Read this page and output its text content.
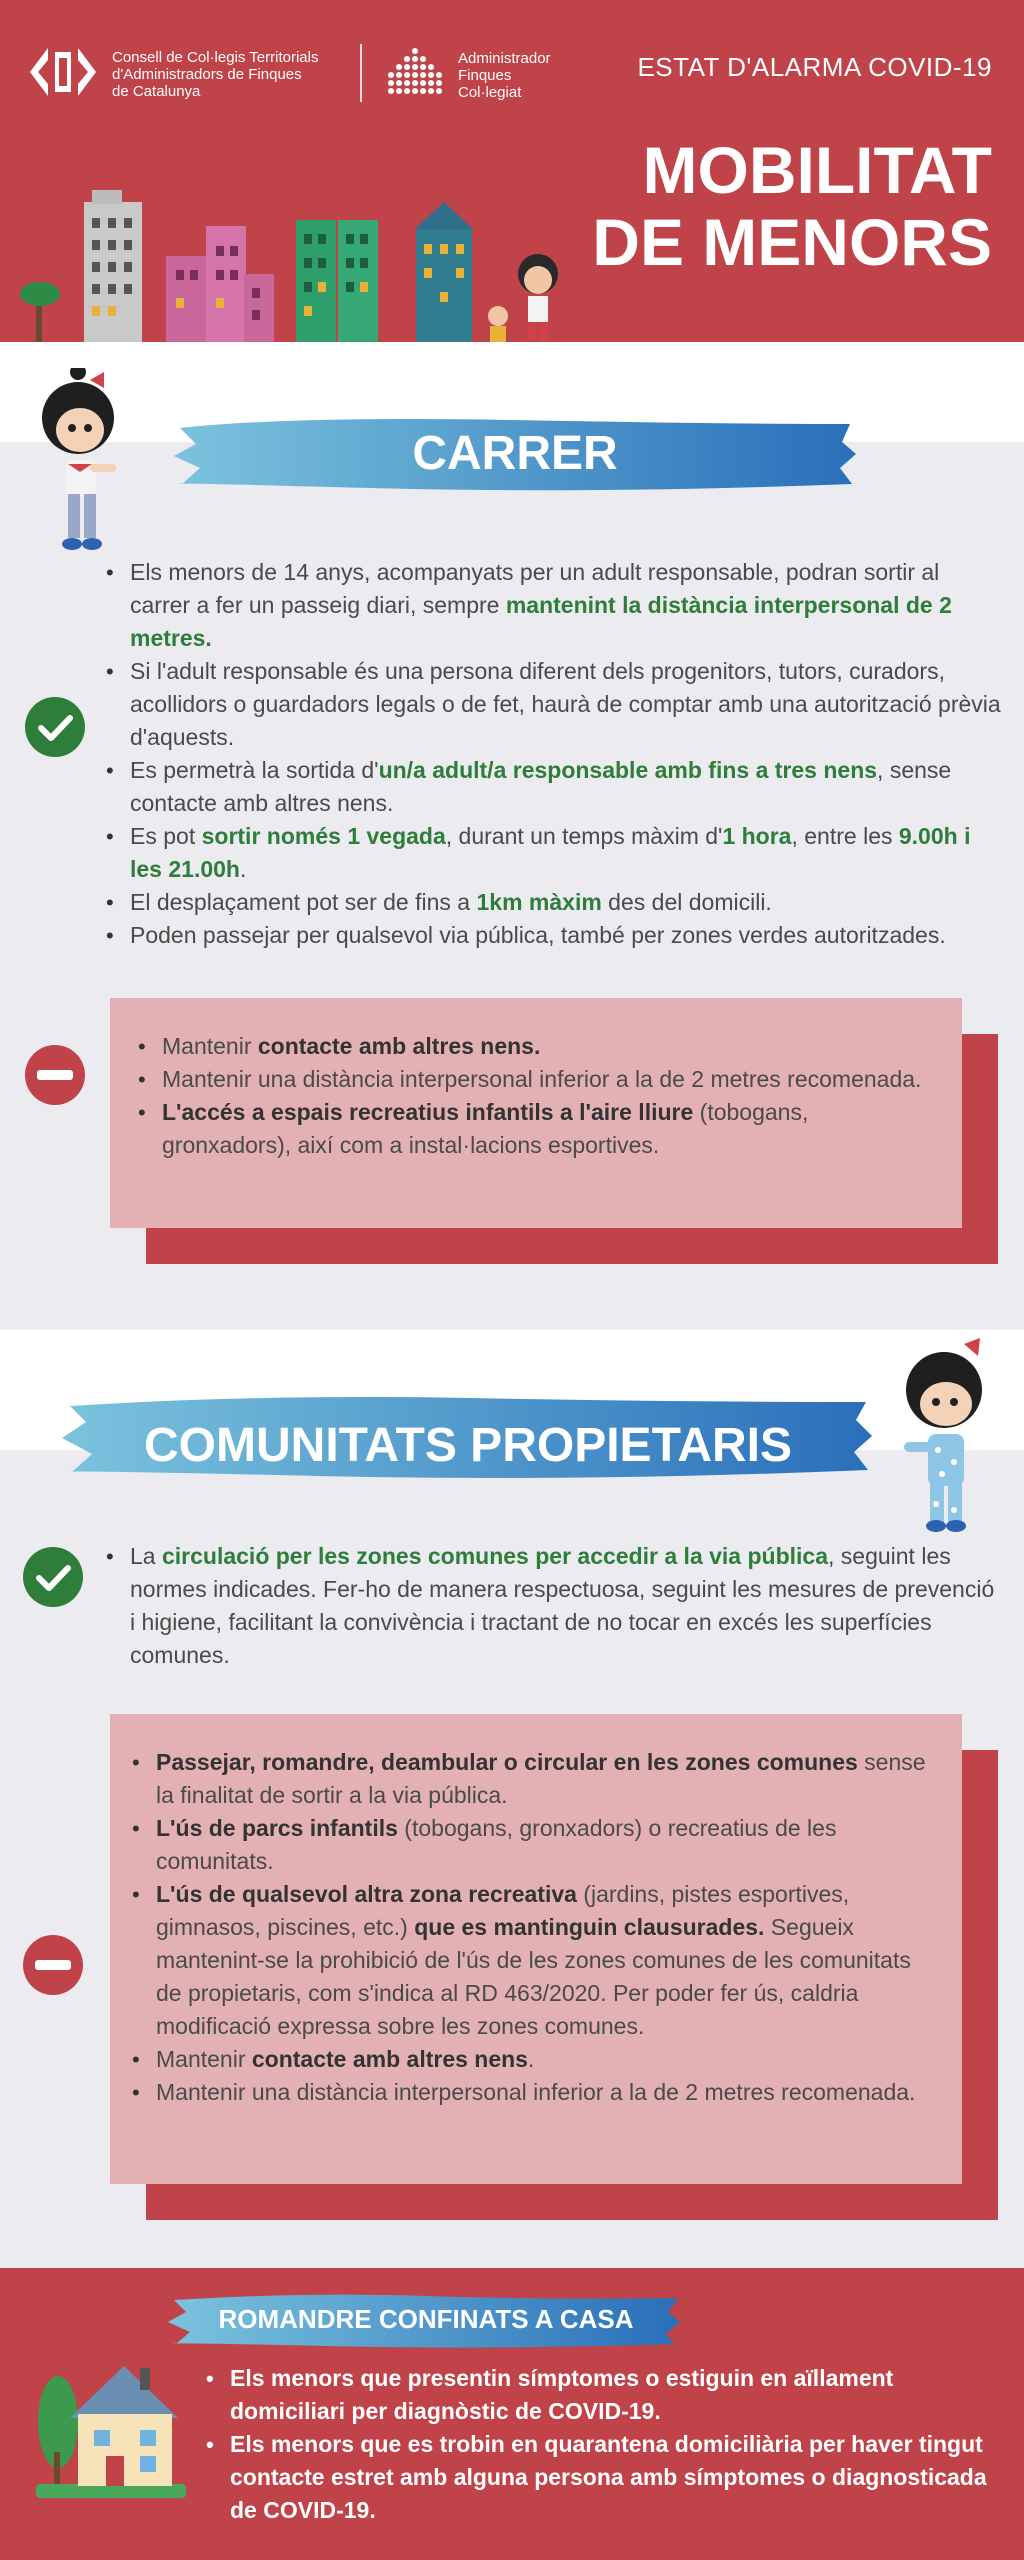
Consell de Col·legis Territorials
d'Administradors de Finques
de Catalunya
Administrador
Finques
Col·legiat
ESTAT D'ALARMA COVID-19
MOBILITAT
DE MENORS
CARRER
• Els menors de 14 anys, acompanyats per un adult responsable, podran sortir al carrer a fer un passeig diari, sempre mantenint la distància interpersonal de 2 metres.
• Si l'adult responsable és una persona diferent dels progenitors, tutors, curadors, acollidors o guardadors legals o de fet, haurà de comptar amb una autorització prèvia d'aquests.
• Es permetrà la sortida d'un/a adult/a responsable amb fins a tres nens, sense contacte amb altres nens.
• Es pot sortir només 1 vegada, durant un temps màxim d'1 hora, entre les 9.00h i les 21.00h.
• El desplaçament pot ser de fins a 1km màxim des del domicili.
• Poden passejar per qualsevol via pública, també per zones verdes autoritzades.
• Mantenir contacte amb altres nens.
• Mantenir una distància interpersonal inferior a la de 2 metres recomenada.
• L'accés a espais recreatius infantils a l'aire lliure (tobogans, gronxadors), així com a instal·lacions esportives.
COMUNITATS PROPIETARIS
• La circulació per les zones comunes per accedir a la via pública, seguint les normes indicades. Fer-ho de manera respectuosa, seguint les mesures de prevenció i higiene, facilitant la convivència i tractant de no tocar en excés les superfícies comunes.
• Passejar, romandre, deambular o circular en les zones comunes sense la finalitat de sortir a la via pública.
• L'ús de parcs infantils (tobogans, gronxadors) o recreatius de les comunitats.
• L'ús de qualsevol altra zona recreativa (jardins, pistes esportives, gimnasos, piscines, etc.) que es mantinguin clausurades. Segueix mantenint-se la prohibició de l'ús de les zones comunes de les comunitats de propietaris, com s'indica al RD 463/2020. Per poder fer ús, caldria modificació expressa sobre les zones comunes.
• Mantenir contacte amb altres nens.
• Mantenir una distància interpersonal inferior a la de 2 metres recomenada.
ROMANDRE CONFINATS A CASA
• Els menors que presentin símptomes o estiguin en aïllament domiciliari per diagnòstic de COVID-19.
• Els menors que es trobin en quarantena domiciliària per haver tingut contacte estret amb alguna persona amb símptomes o diagnosticada de COVID-19.
